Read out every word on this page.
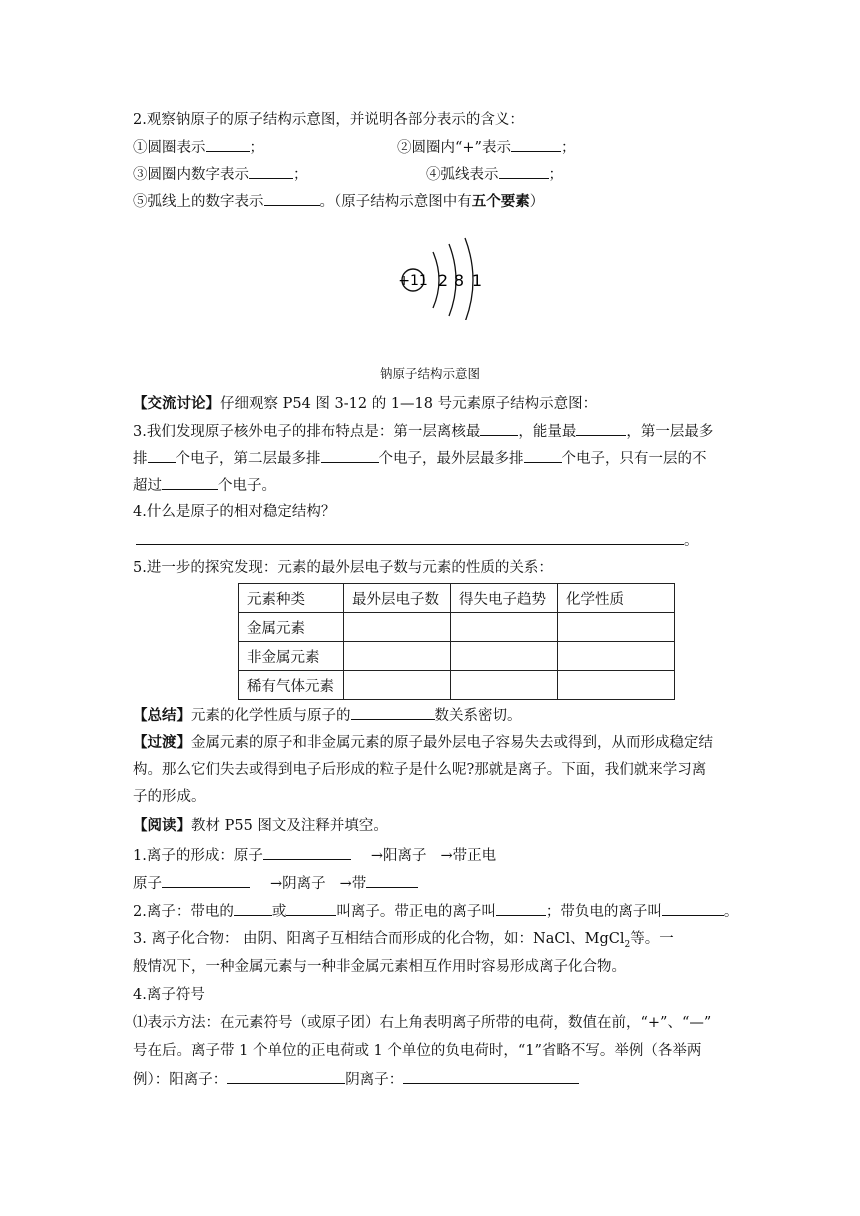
2.观察钠原子的原子结构示意图，并说明各部分表示的含义：
①圆圈表示	；	②圆圈内“+”表示	；
③圆圈内数字表示	；	④弧线表示	；
⑤弧线上的数字表示	。（原子结构示意图中有五个要素）
+11 2 8 1
钠原子结构示意图
【交流讨论】仔细观察 P54 图 3-12 的 1—18 号元素原子结构示意图：
3.我们发现原子核外电子的排布特点是：第一层离核最	，能量最	，第一层最多
排 个电子，第二层最多排	个电子，最外层最多排	个电子，只有一层的不
超过	个电子。
4.什么是原子的相对稳定结构？
。
5.进一步的探究发现：元素的最外层电子数与元素的性质的关系：
元素种类	最外层电子数	得失电子趋势	化学性质
金属元素			
非金属元素			
稀有气体元素			
【总结】元素的化学性质与原子的	数关系密切。
【过渡】金属元素的原子和非金属元素的原子最外层电子容易失去或得到，从而形成稳定结
构。那么它们失去或得到电子后形成的粒子是什么呢?那就是离子。下面，我们就来学习离
子的形成。
【阅读】教材 P55 图文及注释并填空。
1.离子的形成：原子	→阳离子 →带正电
原子	→阴离子 →带
2.离子：带电的	或	叫离子。带正电的离子叫	；带负电的离子叫	。
3. 离子化合物： 由阴、阳离子互相结合而形成的化合物，如：NaCl、MgCl$_2$等。一
般情况下，一种金属元素与一种非金属元素相互作用时容易形成离子化合物。
4.离子符号
⑴表示方法：在元素符号（或原子团）右上角表明离子所带的电荷，数值在前，“+”、“—”
号在后。离子带 1 个单位的正电荷或 1 个单位的负电荷时，“1”省略不写。举例（各举两
例）：阳离子：	阴离子：
